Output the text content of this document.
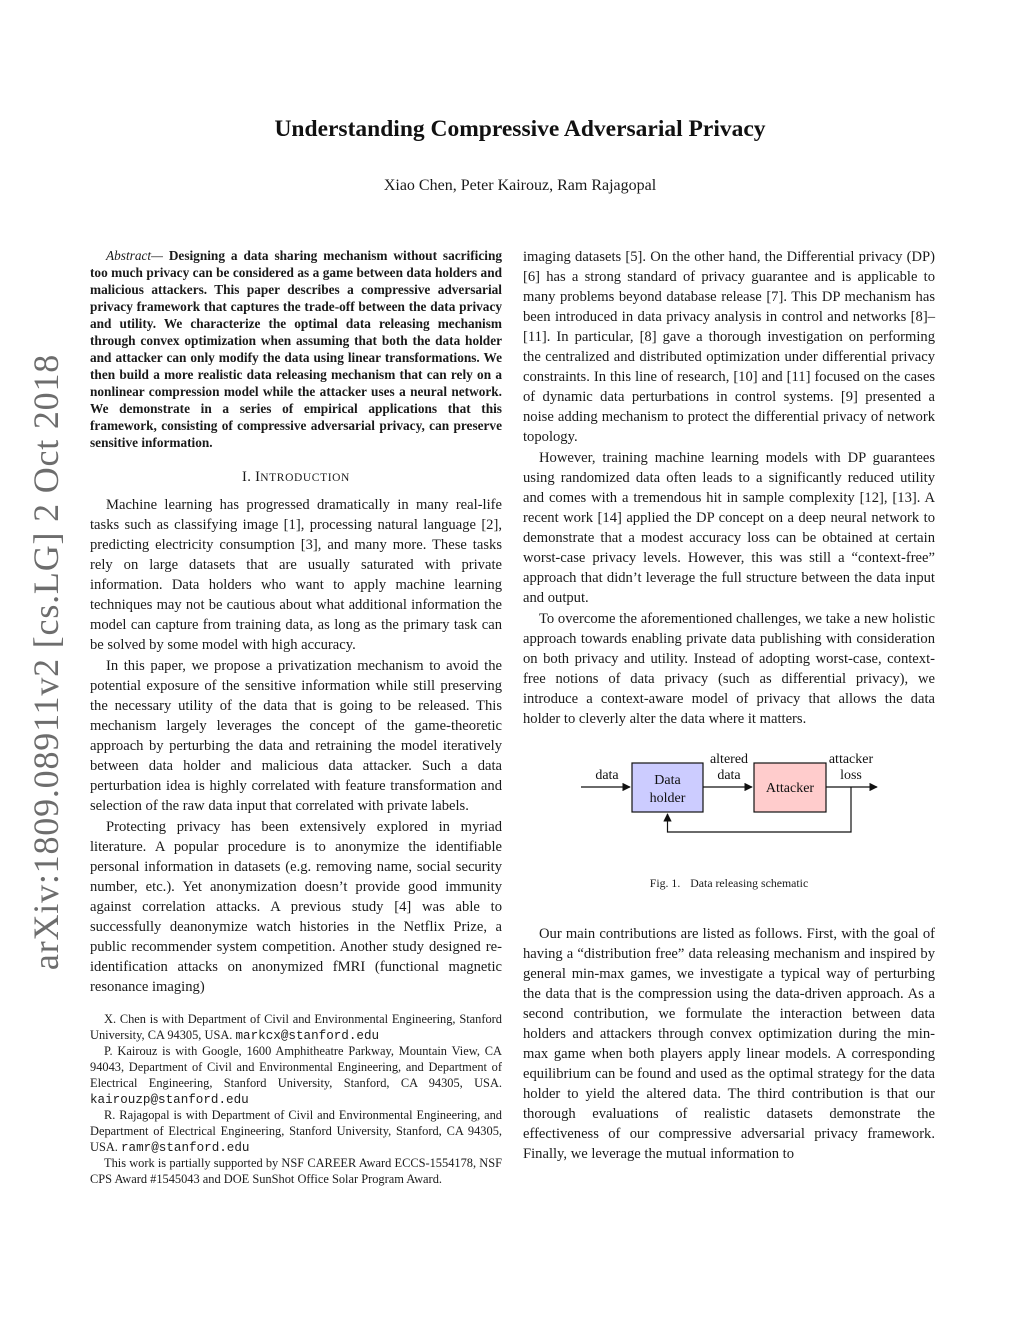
arXiv:1809.08911v2 [cs.LG] 2 Oct 2018
Understanding Compressive Adversarial Privacy
Xiao Chen, Peter Kairouz, Ram Rajagopal

Abstract— Designing a data sharing mechanism without sacrificing too much privacy can be considered as a game between data holders and malicious attackers. This paper describes a compressive adversarial privacy framework that captures the trade-off between the data privacy and utility. We characterize the optimal data releasing mechanism through convex optimization when assuming that both the data holder and attacker can only modify the data using linear transformations. We then build a more realistic data releasing mechanism that can rely on a nonlinear compression model while the attacker uses a neural network. We demonstrate in a series of empirical applications that this framework, consisting of compressive adversarial privacy, can preserve sensitive information.

I. INTRODUCTION

Machine learning has progressed dramatically in many real-life tasks such as classifying image [1], processing natural language [2], predicting electricity consumption [3], and many more. These tasks rely on large datasets that are usually saturated with private information. Data holders who want to apply machine learning techniques may not be cautious about what additional information the model can capture from training data, as long as the primary task can be solved by some model with high accuracy.

In this paper, we propose a privatization mechanism to avoid the potential exposure of the sensitive information while still preserving the necessary utility of the data that is going to be released. This mechanism largely leverages the concept of the game-theoretic approach by perturbing the data and retraining the model iteratively between data holder and malicious data attacker. Such a data perturbation idea is highly correlated with feature transformation and selection of the raw data input that correlated with private labels.

Protecting privacy has been extensively explored in myriad literature. A popular procedure is to anonymize the identifiable personal information in datasets (e.g. removing name, social security number, etc.). Yet anonymization doesn’t provide good immunity against correlation attacks. A previous study [4] was able to successfully deanonymize watch histories in the Netflix Prize, a public recommender system competition. Another study designed re-identification attacks on anonymized fMRI (functional magnetic resonance imaging)

X. Chen is with Department of Civil and Environmental Engineering, Stanford University, CA 94305, USA. markcx@stanford.edu

P. Kairouz is with Google, 1600 Amphitheatre Parkway, Mountain View, CA 94043, Department of Civil and Environmental Engineering, and Department of Electrical Engineering, Stanford University, Stanford, CA 94305, USA. kairouzp@stanford.edu

R. Rajagopal is with Department of Civil and Environmental Engineering, and Department of Electrical Engineering, Stanford University, Stanford, CA 94305, USA. ramr@stanford.edu

This work is partially supported by NSF CAREER Award ECCS-1554178, NSF CPS Award #1545043 and DOE SunShot Office Solar Program Award.

imaging datasets [5]. On the other hand, the Differential privacy (DP) [6] has a strong standard of privacy guarantee and is applicable to many problems beyond database release [7]. This DP mechanism has been introduced in data privacy analysis in control and networks [8]–[11]. In particular, [8] gave a thorough investigation on performing the centralized and distributed optimization under differential privacy constraints. In this line of research, [10] and [11] focused on the cases of dynamic data perturbations in control systems. [9] presented a noise adding mechanism to protect the differential privacy of network topology.

However, training machine learning models with DP guarantees using randomized data often leads to a significantly reduced utility and comes with a tremendous hit in sample complexity [12], [13]. A recent work [14] applied the DP concept on a deep neural network to demonstrate that a modest accuracy loss can be obtained at certain worst-case privacy levels. However, this was still a “context-free” approach that didn’t leverage the full structure between the data input and output.

To overcome the aforementioned challenges, we take a new holistic approach towards enabling private data publishing with consideration on both privacy and utility. Instead of adopting worst-case, context-free notions of data privacy (such as differential privacy), we introduce a context-aware model of privacy that allows the data holder to cleverly alter the data where it matters.

data	Data
holder
altered
data
Attacker
attacker
loss
Fig. 1. Data releasing schematic

Our main contributions are listed as follows. First, with the goal of having a “distribution free” data releasing mechanism and inspired by general min-max games, we investigate a typical way of perturbing the data that is the compression using the data-driven approach. As a second contribution, we formulate the interaction between data holders and attackers through convex optimization during the min-max game when both players apply linear models. A corresponding equilibrium can be found and used as the optimal strategy for the data holder to yield the altered data. The third contribution is that our thorough evaluations of realistic datasets demonstrate the effectiveness of our compressive adversarial privacy framework. Finally, we leverage the mutual information to
